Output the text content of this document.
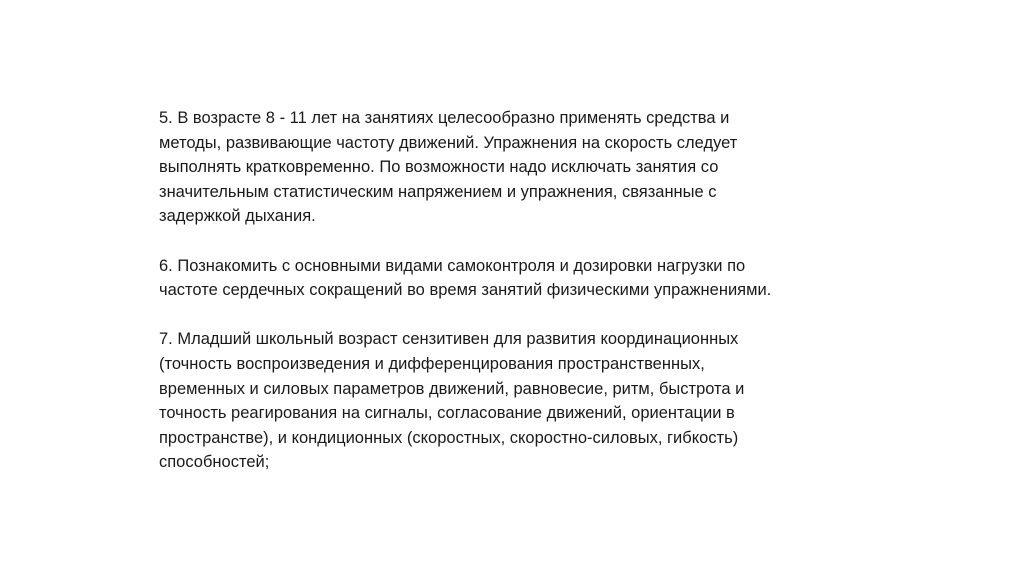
5. В возрасте 8 - 11 лет на занятиях целесообразно применять средства и
методы, развивающие частоту движений. Упражнения на скорость следует
выполнять кратковременно. По возможности надо исключать занятия со
значительным статистическим напряжением и упражнения, связанные с
задержкой дыхания.

6. Познакомить с основными видами самоконтроля и дозировки нагрузки по
частоте сердечных сокращений во время занятий физическими упражнениями.

7. Младший школьный возраст сензитивен для развития координационных
(точность воспроизведения и дифференцирования пространственных,
временных и силовых параметров движений, равновесие, ритм, быстрота и
точность реагирования на сигналы, согласование движений, ориентации в
пространстве), и кондиционных (скоростных, скоростно-силовых, гибкость)
способностей;
